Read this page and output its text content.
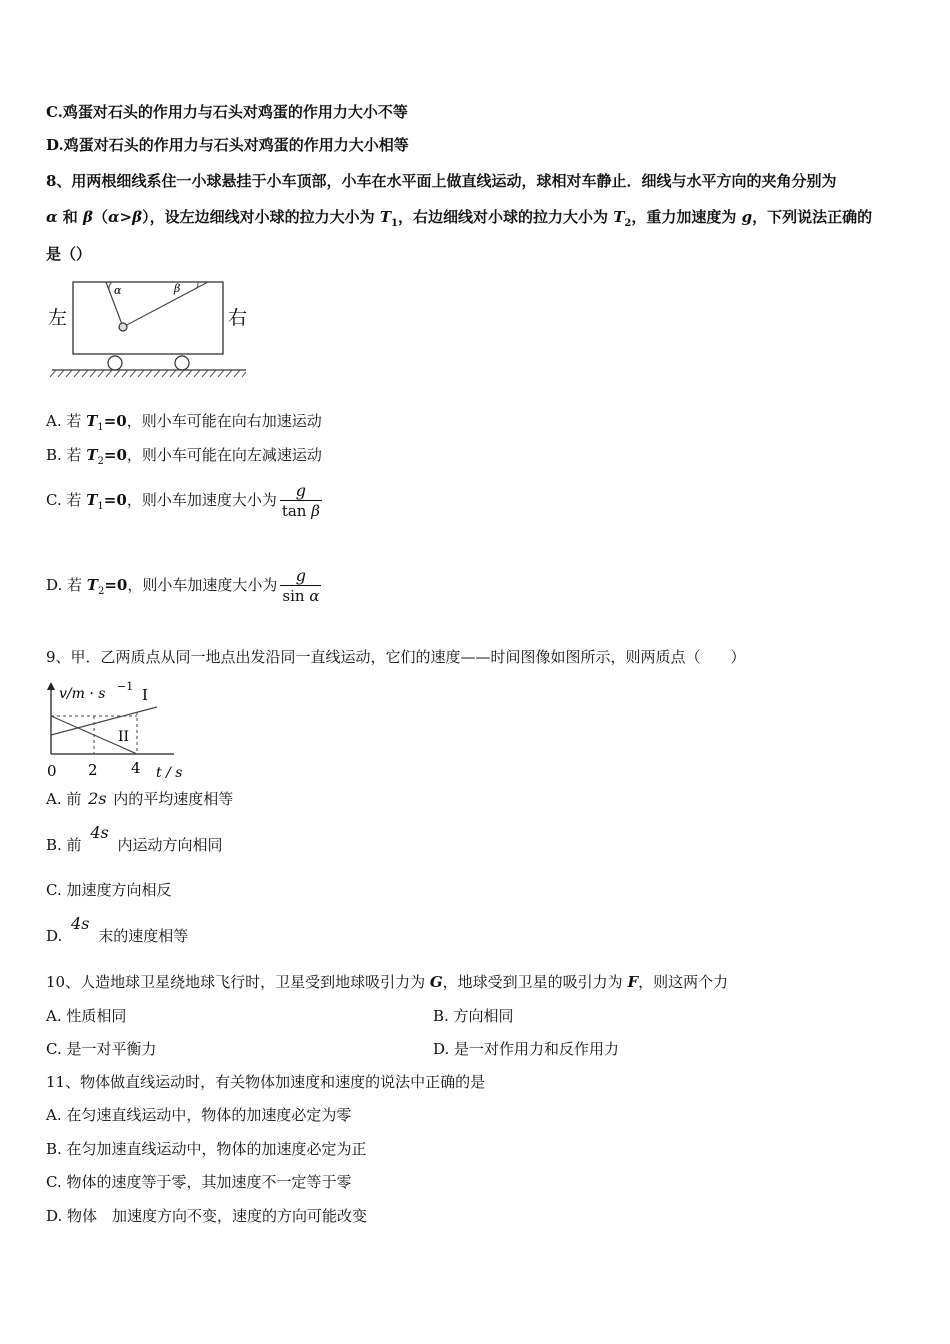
C.鸡蛋对石头的作用力与石头对鸡蛋的作用力大小不等
D.鸡蛋对石头的作用力与石头对鸡蛋的作用力大小相等
8、用两根细线系住一小球悬挂于小车顶部，小车在水平面上做直线运动，球相对车静止．细线与水平方向的夹角分别为
α 和 β（α>β），设左边细线对小球的拉力大小为 $T_1$，右边细线对小球的拉力大小为 $T_2$，重力加速度为 g，下列说法正确的
是（）
左	右
α	β
A. 若 $T_1=0$，则小车可能在向右加速运动
B. 若 $T_2=0$，则小车可能在向左减速运动
C. 若 $T_1=0$，则小车加速度大小为 $\frac{g}{\text{tan β}}$
D. 若 $T_2=0$，则小车加速度大小为 $\frac{g}{\text{sin α}}$
9、甲．乙两质点从同一地点出发沿同一直线运动，它们的速度——时间图像如图所示，则两质点（　　）
v/m · s −1 I
II
0 2 4 t / s
A. 前 2s 内的平均速度相等
B. 前 4s 内运动方向相同
C. 加速度方向相反
D. 4s 末的速度相等
10、人造地球卫星绕地球飞行时，卫星受到地球吸引力为 G，地球受到卫星的吸引力为 F，则这两个力
A. 性质相同	B. 方向相同
C. 是一对平衡力	D. 是一对作用力和反作用力
11、物体做直线运动时，有关物体加速度和速度的说法中正确的是
A. 在匀速直线运动中，物体的加速度必定为零
B. 在匀加速直线运动中，物体的加速度必定为正
C. 物体的速度等于零，其加速度不一定等于零
D. 物体　加速度方向不变，速度的方向可能改变
